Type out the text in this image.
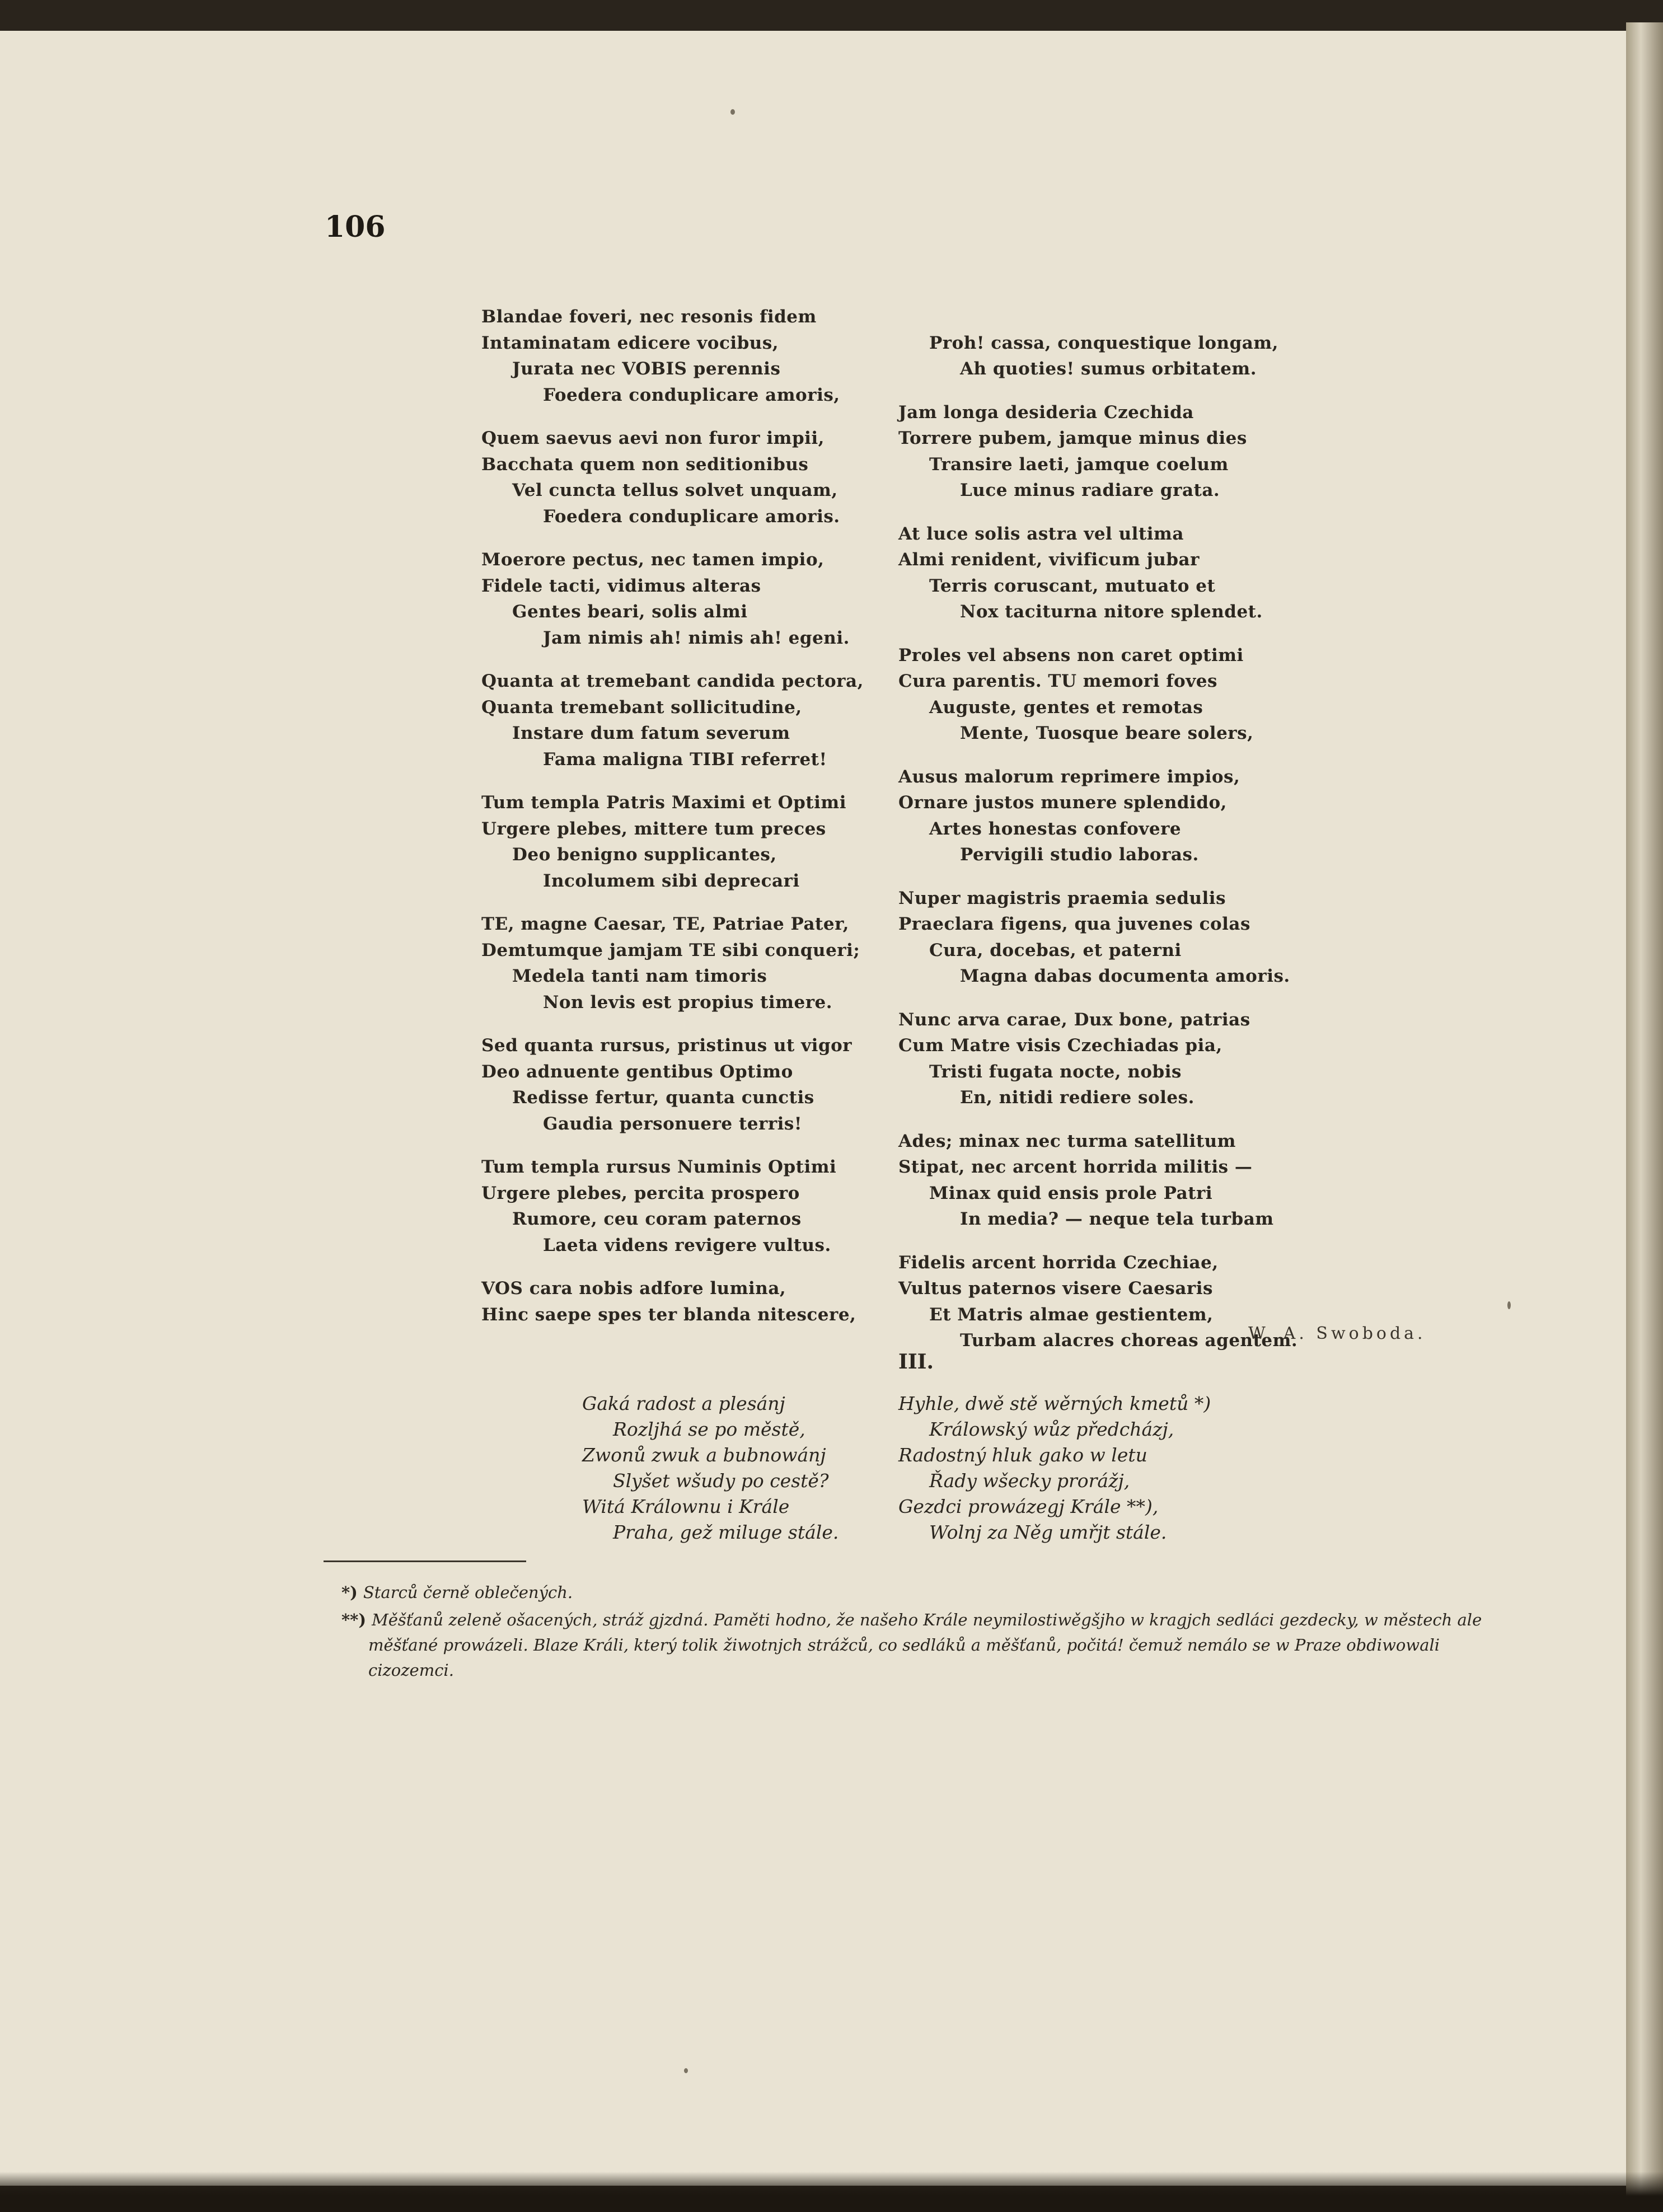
106
Blandae foveri, nec resonis fidem
Intaminatam edicere vocibus,
Jurata nec VOBIS perennis
Foedera conduplicare amoris,
Quem saevus aevi non furor impii,
Bacchata quem non seditionibus
Vel cuncta tellus solvet unquam,
Foedera conduplicare amoris.
Moerore pectus, nec tamen impio,
Fidele tacti, vidimus alteras
Gentes beari, solis almi
Jam nimis ah! nimis ah! egeni.
Quanta at tremebant candida pectora,
Quanta tremebant sollicitudine,
Instare dum fatum severum
Fama maligna TIBI referret!
Tum templa Patris Maximi et Optimi
Urgere plebes, mittere tum preces
Deo benigno supplicantes,
Incolumem sibi deprecari
TE, magne Caesar, TE, Patriae Pater,
Demtumque jamjam TE sibi conqueri;
Medela tanti nam timoris
Non levis est propius timere.
Sed quanta rursus, pristinus ut vigor
Deo adnuente gentibus Optimo
Redisse fertur, quanta cunctis
Gaudia personuere terris!
Tum templa rursus Numinis Optimi
Urgere plebes, percita prospero
Rumore, ceu coram paternos
Laeta videns revigere vultus.
VOS cara nobis adfore lumina,
Hinc saepe spes ter blanda nitescere,
Proh! cassa, conquestique longam,
Ah quoties! sumus orbitatem.
Jam longa desideria Czechida
Torrere pubem, jamque minus dies
Transire laeti, jamque coelum
Luce minus radiare grata.
At luce solis astra vel ultima
Almi renident, vivificum jubar
Terris coruscant, mutuato et
Nox taciturna nitore splendet.
Proles vel absens non caret optimi
Cura parentis. TU memori foves
Auguste, gentes et remotas
Mente, Tuosque beare solers,
Ausus malorum reprimere impios,
Ornare justos munere splendido,
Artes honestas confovere
Pervigili studio laboras.
Nuper magistris praemia sedulis
Praeclara figens, qua juvenes colas
Cura, docebas, et paterni
Magna dabas documenta amoris.
Nunc arva carae, Dux bone, patrias
Cum Matre visis Czechiadas pia,
Tristi fugata nocte, nobis
En, nitidi rediere soles.
Ades; minax nec turma satellitum
Stipat, nec arcent horrida militis —
Minax quid ensis prole Patri
In media? — neque tela turbam
Fidelis arcent horrida Czechiae,
Vultus paternos visere Caesaris
Et Matris almae gestientem,
Turbam alacres choreas agentem.
W. A. Swoboda.
III.
Gaká radost a plesánj
Rozljhá se po městě,
Zwonů zwuk a bubnowánj
Slyšet wšudy po cestě?
Witá Králownu i Krále
Praha, gež miluge stále.
Hyhle, dwě stě wěrných kmetů *)
Králowský wůz předcházj,
Radostný hluk gako w letu
Řady wšecky prorážj,
Gezdci prowázegj Krále **),
Wolnj za Něg umřjt stále.
*) Starců černě oblečených.
**) Měšťanů zeleně ošacených, stráž gjzdná. Paměti hodno, že našeho Krále neymilostiwěgšjho w kragjch sedláci gezdecky, w městech ale měšťané prowázeli. Blaze Králi, který tolik žiwotnjch strážců, co sedláků a měšťanů, počitá! čemuž nemálo se w Praze obdiwowali cizozemci.
